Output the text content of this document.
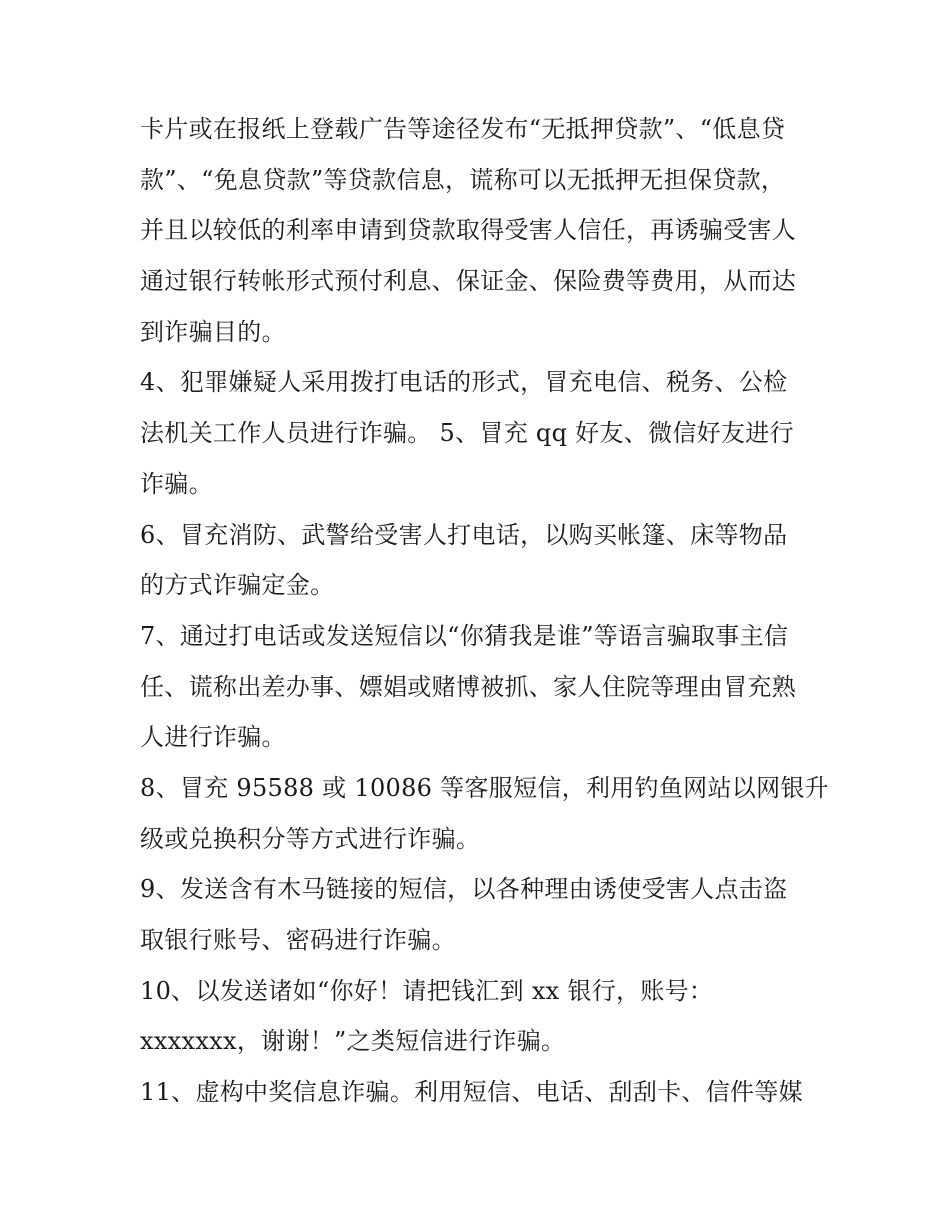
卡片或在报纸上登载广告等途径发布“无抵押贷款”、“低息贷
款”、“免息贷款”等贷款信息，谎称可以无抵押无担保贷款，
并且以较低的利率申请到贷款取得受害人信任，再诱骗受害人
通过银行转帐形式预付利息、保证金、保险费等费用，从而达
到诈骗目的。
4、犯罪嫌疑人采用拨打电话的形式，冒充电信、税务、公检
法机关工作人员进行诈骗。 5、冒充 qq 好友、微信好友进行
诈骗。
6、冒充消防、武警给受害人打电话，以购买帐篷、床等物品
的方式诈骗定金。
7、通过打电话或发送短信以“你猜我是谁”等语言骗取事主信
任、谎称出差办事、嫖娼或赌博被抓、家人住院等理由冒充熟
人进行诈骗。
8、冒充 95588 或 10086 等客服短信，利用钓鱼网站以网银升
级或兑换积分等方式进行诈骗。
9、发送含有木马链接的短信，以各种理由诱使受害人点击盗
取银行账号、密码进行诈骗。
10、以发送诸如“你好！请把钱汇到 xx 银行，账号：
xxxxxxx，谢谢！”之类短信进行诈骗。
11、虚构中奖信息诈骗。利用短信、电话、刮刮卡、信件等媒
